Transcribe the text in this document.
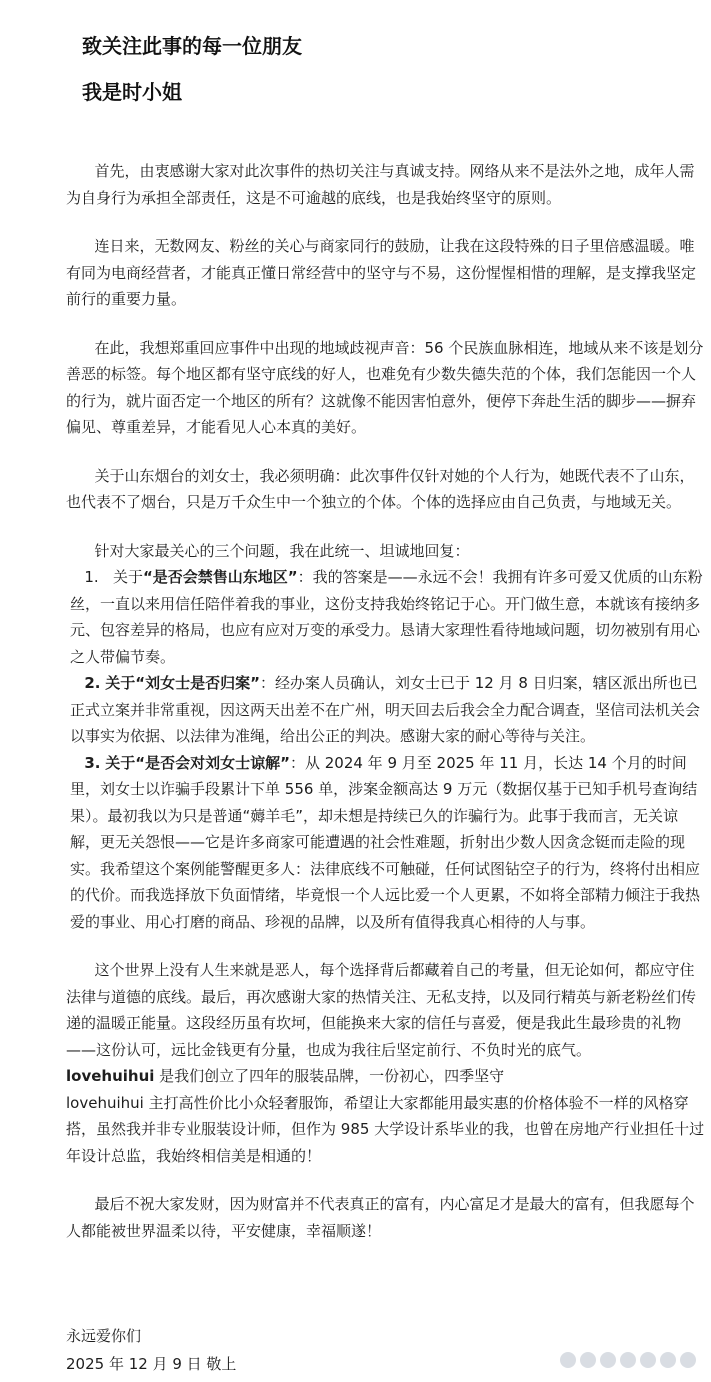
致关注此事的每一位朋友
我是时小姐

首先，由衷感谢大家对此次事件的热切关注与真诚支持。网络从来不是法外之地，成年人需为自身行为承担全部责任，这是不可逾越的底线，也是我始终坚守的原则。

连日来，无数网友、粉丝的关心与商家同行的鼓励，让我在这段特殊的日子里倍感温暖。唯有同为电商经营者，才能真正懂日常经营中的坚守与不易，这份惺惺相惜的理解，是支撑我坚定前行的重要力量。

在此，我想郑重回应事件中出现的地域歧视声音：56 个民族血脉相连，地域从来不该是划分善恶的标签。每个地区都有坚守底线的好人，也难免有少数失德失范的个体，我们怎能因一个人的行为，就片面否定一个地区的所有？这就像不能因害怕意外，便停下奔赴生活的脚步——摒弃偏见、尊重差异，才能看见人心本真的美好。

关于山东烟台的刘女士，我必须明确：此次事件仅针对她的个人行为，她既代表不了山东，也代表不了烟台，只是万千众生中一个独立的个体。个体的选择应由自己负责，与地域无关。

针对大家最关心的三个问题，我在此统一、坦诚地回复：

1. 关于“是否会禁售山东地区”：我的答案是——永远不会！我拥有许多可爱又优质的山东粉丝，一直以来用信任陪伴着我的事业，这份支持我始终铭记于心。开门做生意，本就该有接纳多元、包容差异的格局，也应有应对万变的承受力。恳请大家理性看待地域问题，切勿被别有用心之人带偏节奏。

2. 关于“刘女士是否归案”：经办案人员确认，刘女士已于 12 月 8 日归案，辖区派出所也已正式立案并非常重视，因这两天出差不在广州，明天回去后我会全力配合调查，坚信司法机关会以事实为依据、以法律为准绳，给出公正的判决。感谢大家的耐心等待与关注。

3. 关于“是否会对刘女士谅解”：从 2024 年 9 月至 2025 年 11 月，长达 14 个月的时间里，刘女士以诈骗手段累计下单 556 单，涉案金额高达 9 万元（数据仅基于已知手机号查询结果）。最初我以为只是普通“薅羊毛”，却未想是持续已久的诈骗行为。此事于我而言，无关谅解，更无关怨恨——它是许多商家可能遭遇的社会性难题，折射出少数人因贪念铤而走险的现实。我希望这个案例能警醒更多人：法律底线不可触碰，任何试图钻空子的行为，终将付出相应的代价。而我选择放下负面情绪，毕竟恨一个人远比爱一个人更累，不如将全部精力倾注于我热爱的事业、用心打磨的商品、珍视的品牌，以及所有值得我真心相待的人与事。

这个世界上没有人生来就是恶人，每个选择背后都藏着自己的考量，但无论如何，都应守住法律与道德的底线。最后，再次感谢大家的热情关注、无私支持，以及同行精英与新老粉丝们传递的温暖正能量。这段经历虽有坎坷，但能换来大家的信任与喜爱，便是我此生最珍贵的礼物——这份认可，远比金钱更有分量，也成为我往后坚定前行、不负时光的底气。

lovehuihui 是我们创立了四年的服装品牌，一份初心，四季坚守

lovehuihui 主打高性价比小众轻奢服饰，希望让大家都能用最实惠的价格体验不一样的风格穿搭，虽然我并非专业服装设计师，但作为 985 大学设计系毕业的我，也曾在房地产行业担任十过年设计总监，我始终相信美是相通的！

最后不祝大家发财，因为财富并不代表真正的富有，内心富足才是最大的富有，但我愿每个人都能被世界温柔以待，平安健康，幸福顺遂！

永远爱你们
2025 年 12 月 9 日 敬上
